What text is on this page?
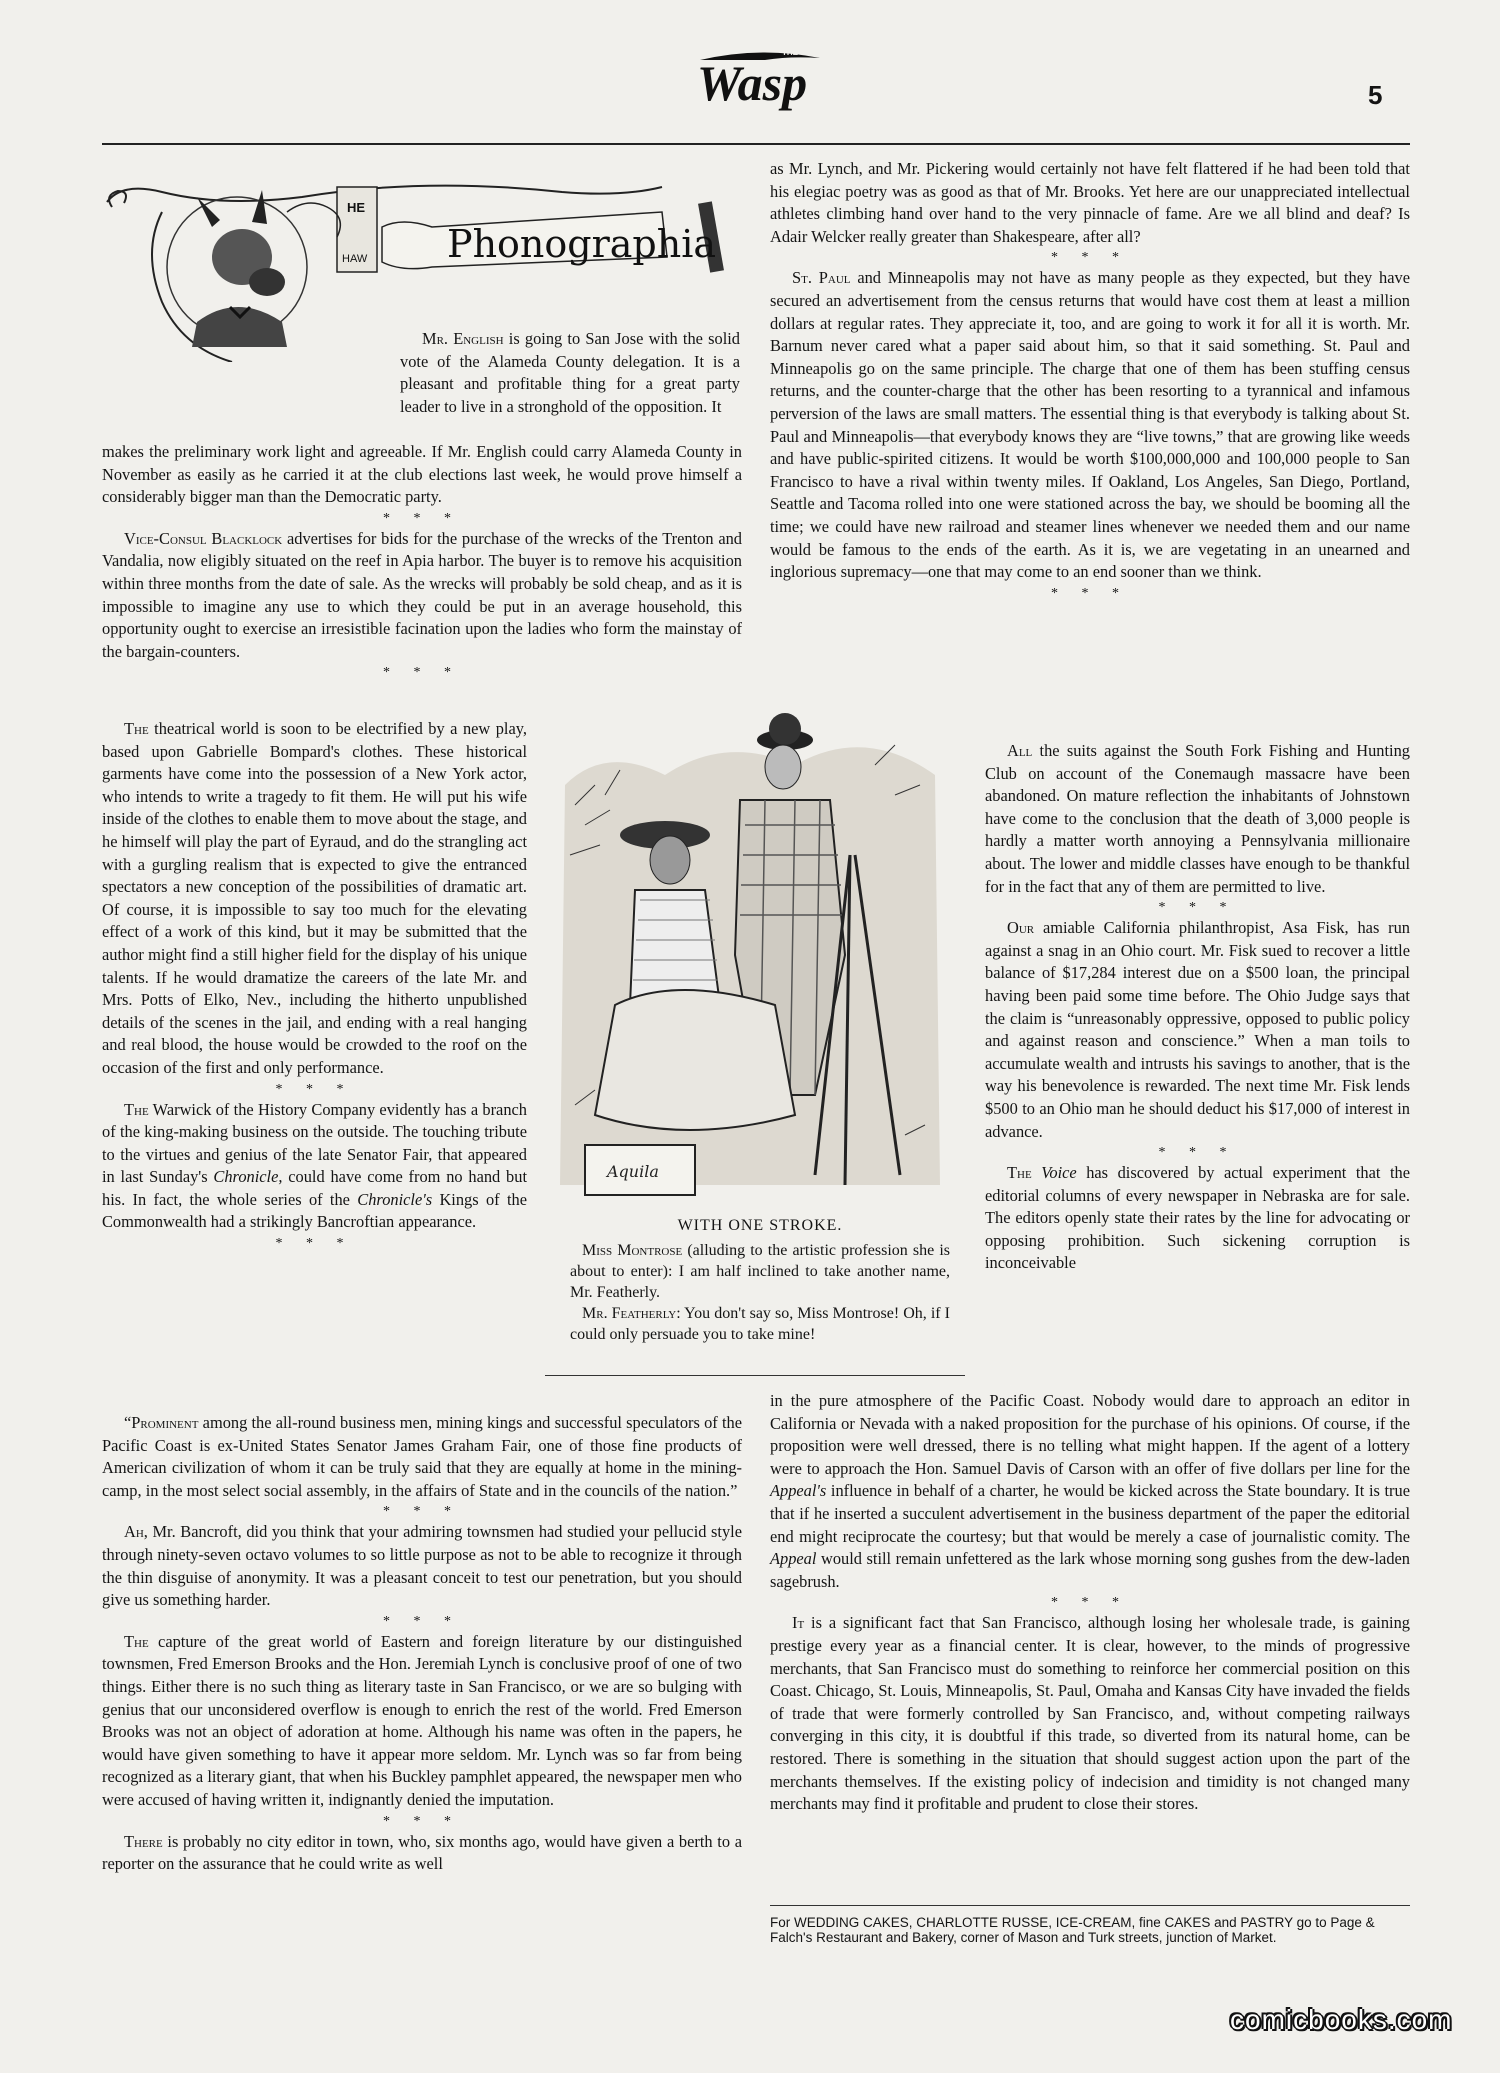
THE
Wasp	5
HE
HAW Phonographia

Mr. English is going to San Jose with the solid vote of the Alameda County delegation. It is a pleasant and profitable thing for a great party leader to live in a stronghold of the opposition. It

makes the preliminary work light and agreeable. If Mr. English could carry Alameda County in November as easily as he carried it at the club elections last week, he would prove himself a considerably bigger man than the Democratic party.

* * *

Vice-Consul Blacklock advertises for bids for the purchase of the wrecks of the Trenton and Vandalia, now eligibly situated on the reef in Apia harbor. The buyer is to remove his acquisition within three months from the date of sale. As the wrecks will probably be sold cheap, and as it is impossible to imagine any use to which they could be put in an average household, this opportunity ought to exercise an irresistible facination upon the ladies who form the mainstay of the bargain-counters.

* * *

The theatrical world is soon to be electrified by a new play, based upon Gabrielle Bompard's clothes. These historical garments have come into the possession of a New York actor, who intends to write a tragedy to fit them. He will put his wife inside of the clothes to enable them to move about the stage, and he himself will play the part of Eyraud, and do the strangling act with a gurgling realism that is expected to give the entranced spectators a new conception of the possibilities of dramatic art. Of course, it is impossible to say too much for the elevating effect of a work of this kind, but it may be submitted that the author might find a still higher field for the display of his unique talents. If he would dramatize the careers of the late Mr. and Mrs. Potts of Elko, Nev., including the hitherto unpublished details of the scenes in the jail, and ending with a real hanging and real blood, the house would be crowded to the roof on the occasion of the first and only performance.

* * *

The Warwick of the History Company evidently has a branch of the king-making business on the outside. The touching tribute to the virtues and genius of the late Senator Fair, that appeared in last Sunday's Chronicle, could have come from no hand but his. In fact, the whole series of the Chronicle's Kings of the Commonwealth had a strikingly Bancroftian appearance.

* * *

“Prominent among the all-round business men, mining kings and successful speculators of the Pacific Coast is ex-United States Senator James Graham Fair, one of those fine products of American civilization of whom it can be truly said that they are equally at home in the mining-camp, in the most select social assembly, in the affairs of State and in the councils of the nation.”

* * *

Ah, Mr. Bancroft, did you think that your admiring townsmen had studied your pellucid style through ninety-seven octavo volumes to so little purpose as not to be able to recognize it through the thin disguise of anonymity. It was a pleasant conceit to test our penetration, but you should give us something harder.

* * *

The capture of the great world of Eastern and foreign literature by our distinguished townsmen, Fred Emerson Brooks and the Hon. Jeremiah Lynch is conclusive proof of one of two things. Either there is no such thing as literary taste in San Francisco, or we are so bulging with genius that our unconsidered overflow is enough to enrich the rest of the world. Fred Emerson Brooks was not an object of adoration at home. Although his name was often in the papers, he would have given something to have it appear more seldom. Mr. Lynch was so far from being recognized as a literary giant, that when his Buckley pamphlet appeared, the newspaper men who were accused of having written it, indignantly denied the imputation.

* * *

There is probably no city editor in town, who, six months ago, would have given a berth to a reporter on the assurance that he could write as well

as Mr. Lynch, and Mr. Pickering would certainly not have felt flattered if he had been told that his elegiac poetry was as good as that of Mr. Brooks. Yet here are our unappreciated intellectual athletes climbing hand over hand to the very pinnacle of fame. Are we all blind and deaf? Is Adair Welcker really greater than Shakespeare, after all?

* * *

St. Paul and Minneapolis may not have as many people as they expected, but they have secured an advertisement from the census returns that would have cost them at least a million dollars at regular rates. They appreciate it, too, and are going to work it for all it is worth. Mr. Barnum never cared what a paper said about him, so that it said something. St. Paul and Minneapolis go on the same principle. The charge that one of them has been stuffing census returns, and the counter-charge that the other has been resorting to a tyrannical and infamous perversion of the laws are small matters. The essential thing is that everybody is talking about St. Paul and Minneapolis—that everybody knows they are “live towns,” that are growing like weeds and have public-spirited citizens. It would be worth $100,000,000 and 100,000 people to San Francisco to have a rival within twenty miles. If Oakland, Los Angeles, San Diego, Portland, Seattle and Tacoma rolled into one were stationed across the bay, we should be booming all the time; we could have new railroad and steamer lines whenever we needed them and our name would be famous to the ends of the earth. As it is, we are vegetating in an unearned and inglorious supremacy—one that may come to an end sooner than we think.

* * *

All the suits against the South Fork Fishing and Hunting Club on account of the Conemaugh massacre have been abandoned. On mature reflection the inhabitants of Johnstown have come to the conclusion that the death of 3,000 people is hardly a matter worth annoying a Pennsylvania millionaire about. The lower and middle classes have enough to be thankful for in the fact that any of them are permitted to live.

* * *

Our amiable California philanthropist, Asa Fisk, has run against a snag in an Ohio court. Mr. Fisk sued to recover a little balance of $17,284 interest due on a $500 loan, the principal having been paid some time before. The Ohio Judge says that the claim is “unreasonably oppressive, opposed to public policy and against reason and conscience.” When a man toils to accumulate wealth and intrusts his savings to another, that is the way his benevolence is rewarded. The next time Mr. Fisk lends $500 to an Ohio man he should deduct his $17,000 of interest in advance.

* * *

The Voice has discovered by actual experiment that the editorial columns of every newspaper in Nebraska are for sale. The editors openly state their rates by the line for advocating or opposing prohibition. Such sickening corruption is inconceivable

in the pure atmosphere of the Pacific Coast. Nobody would dare to approach an editor in California or Nevada with a naked proposition for the purchase of his opinions. Of course, if the proposition were well dressed, there is no telling what might happen. If the agent of a lottery were to approach the Hon. Samuel Davis of Carson with an offer of five dollars per line for the Appeal's influence in behalf of a charter, he would be kicked across the State boundary. It is true that if he inserted a succulent advertisement in the business department of the paper the editorial end might reciprocate the courtesy; but that would be merely a case of journalistic comity. The Appeal would still remain unfettered as the lark whose morning song gushes from the dew-laden sagebrush.

* * *

It is a significant fact that San Francisco, although losing her wholesale trade, is gaining prestige every year as a financial center. It is clear, however, to the minds of progressive merchants, that San Francisco must do something to reinforce her commercial position on this Coast. Chicago, St. Louis, Minneapolis, St. Paul, Omaha and Kansas City have invaded the fields of trade that were formerly controlled by San Francisco, and, without competing railways converging in this city, it is doubtful if this trade, so diverted from its natural home, can be restored. There is something in the situation that should suggest action upon the part of the merchants themselves. If the existing policy of indecision and timidity is not changed many merchants may find it profitable and prudent to close their stores.

Aquila
WITH ONE STROKE.

Miss Montrose (alluding to the artistic profession she is about to enter): I am half inclined to take another name, Mr. Featherly.

Mr. Featherly: You don't say so, Miss Montrose! Oh, if I could only persuade you to take mine!

For WEDDING CAKES, CHARLOTTE RUSSE, ICE-CREAM, fine CAKES and PASTRY go to Page & Falch's Restaurant and Bakery, corner of Mason and Turk streets, junction of Market.
comicbooks.com
